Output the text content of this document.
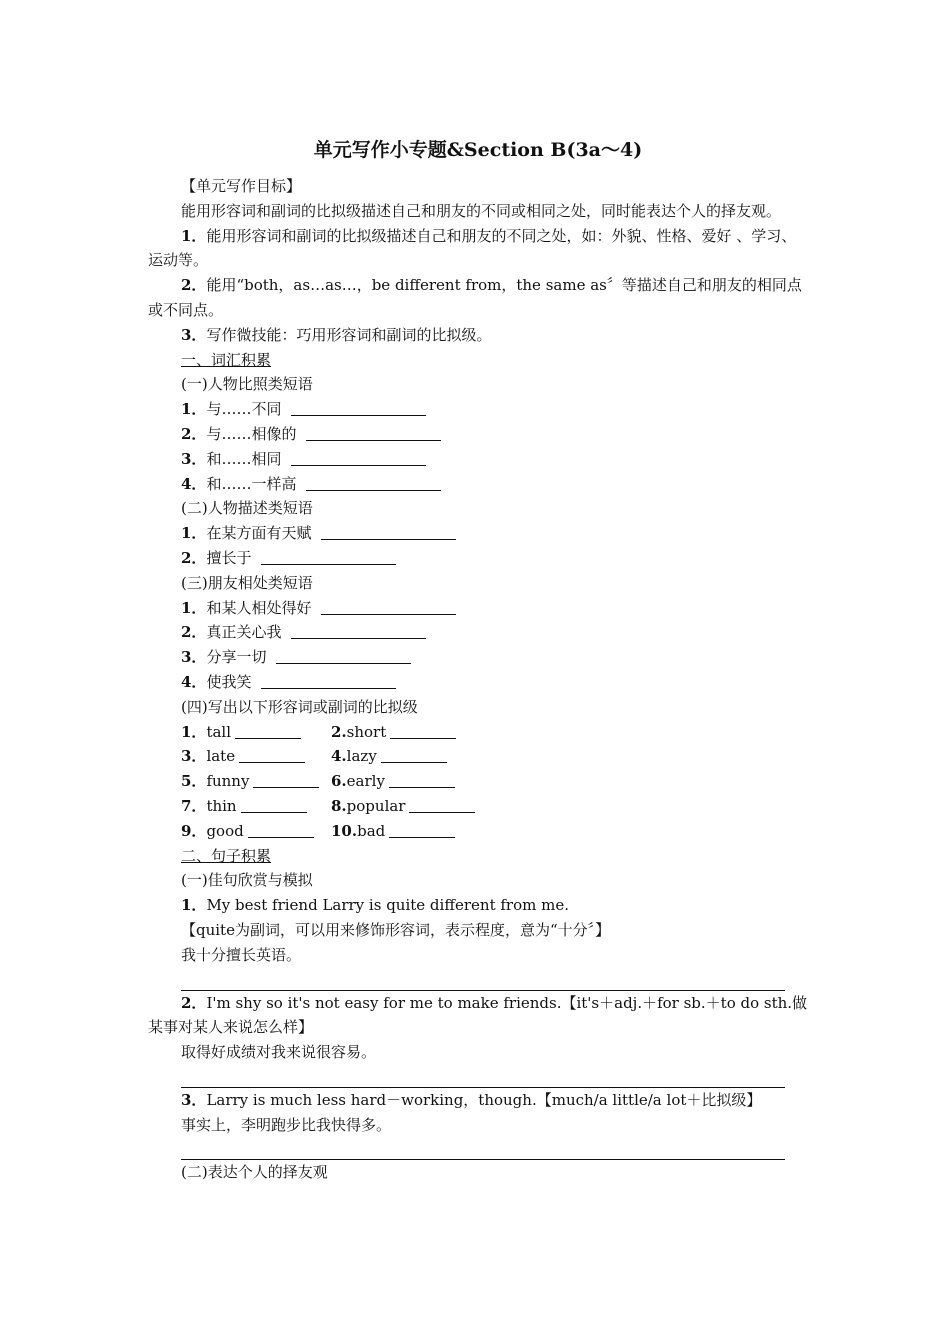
单元写作小专题&Section B(3a～4)
【单元写作目标】
能用形容词和副词的比拟级描述自己和朋友的不同或相同之处，同时能表达个人的择友观。
1．能用形容词和副词的比拟级描述自己和朋友的不同之处，如：外貌、性格、爱好 、学习、运动等。
2．能用“both，as…as…，be different from，the same as〞等描述自己和朋友的相同点或不同点。
3．写作微技能：巧用形容词和副词的比拟级。
一、词汇积累
(一)人物比照类短语
1．与……不同
2．与……相像的
3．和……相同
4．和……一样高
(二)人物描述类短语
1．在某方面有天赋
2．擅长于
(三)朋友相处类短语
1．和某人相处得好
2．真正关心我
3．分享一切
4．使我笑
(四)写出以下形容词或副词的比拟级
1．tall	2.short
3．late	4.lazy
5．funny	6.early
7．thin	8.popular
9．good	10.bad
二、句子积累
(一)佳句欣赏与模拟
1．My best friend Larry is quite different from me.
【quite为副词，可以用来修饰形容词，表示程度，意为“十分〞】
我十分擅长英语。
2．I'm shy so it's not easy for me to make friends.【it's＋adj.＋for sb.＋to do sth.做某事对某人来说怎么样】
取得好成绩对我来说很容易。
3．Larry is much less hard－working，though.【much/a little/a lot＋比拟级】
事实上，李明跑步比我快得多。
(二)表达个人的择友观
